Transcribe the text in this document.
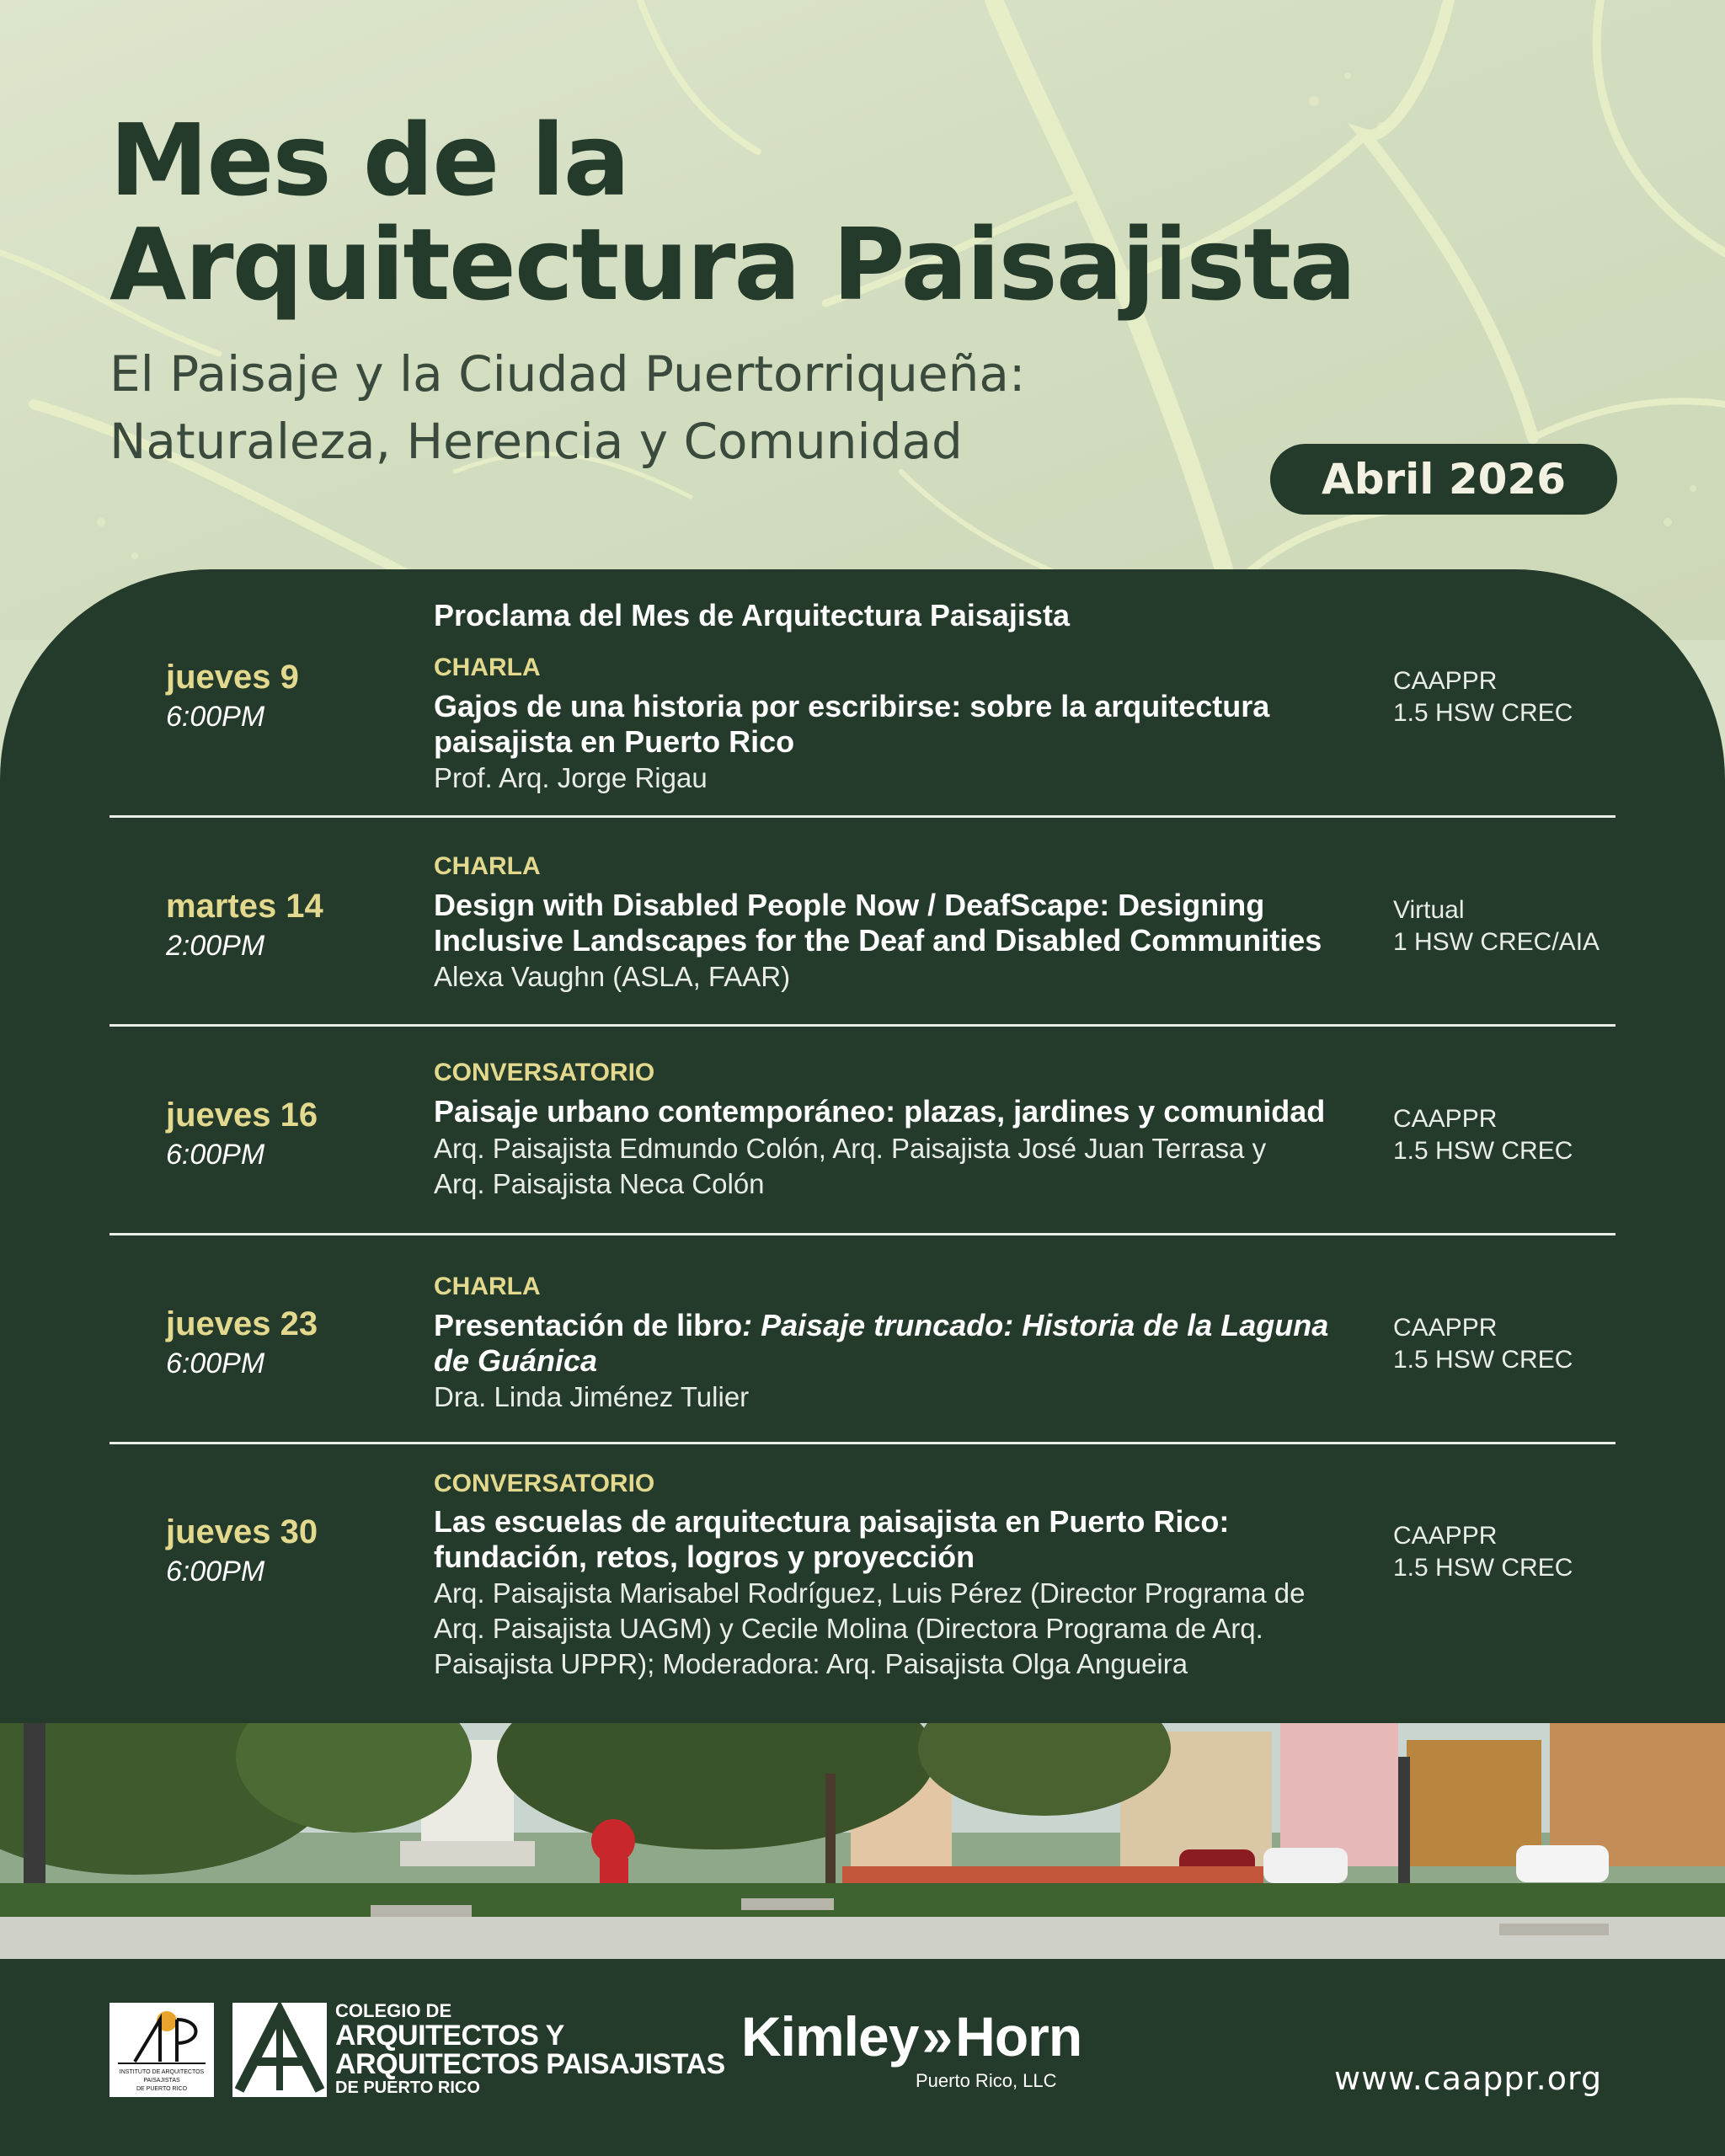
Mes de la
Arquitectura Paisajista
El Paisaje y la Ciudad Puertorriqueña:
Naturaleza, Herencia y Comunidad
Abril 2026
Proclama del Mes de Arquitectura Paisajista
jueves 9
6:00PM
CHARLA
Gajos de una historia por escribirse: sobre la arquitectura paisajista en Puerto Rico
Prof. Arq. Jorge Rigau
CAAPPR
1.5 HSW CREC
martes 14
2:00PM
CHARLA
Design with Disabled People Now / DeafScape: Designing Inclusive Landscapes for the Deaf and Disabled Communities
Alexa Vaughn (ASLA, FAAR)
Virtual
1 HSW CREC/AIA
jueves 16
6:00PM
CONVERSATORIO
Paisaje urbano contemporáneo: plazas, jardines y comunidad
Arq. Paisajista Edmundo Colón, Arq. Paisajista José Juan Terrasa y Arq. Paisajista Neca Colón
CAAPPR
1.5 HSW CREC
jueves 23
6:00PM
CHARLA
Presentación de libro: Paisaje truncado: Historia de la Laguna de Guánica
Dra. Linda Jiménez Tulier
CAAPPR
1.5 HSW CREC
jueves 30
6:00PM
CONVERSATORIO
Las escuelas de arquitectura paisajista en Puerto Rico: fundación, retos, logros y proyección
Arq. Paisajista Marisabel Rodríguez, Luis Pérez (Director Programa de Arq. Paisajista UAGM) y Cecile Molina (Directora Programa de Arq. Paisajista UPPR); Moderadora: Arq. Paisajista Olga Angueira
CAAPPR
1.5 HSW CREC
INSTITUTO DE ARQUITECTOS
PAISAJISTAS
DE PUERTO RICO
COLEGIO DE
ARQUITECTOS Y
ARQUITECTOS PAISAJISTAS
DE PUERTO RICO
Kimley»Horn
Puerto Rico, LLC	www.caappr.org
